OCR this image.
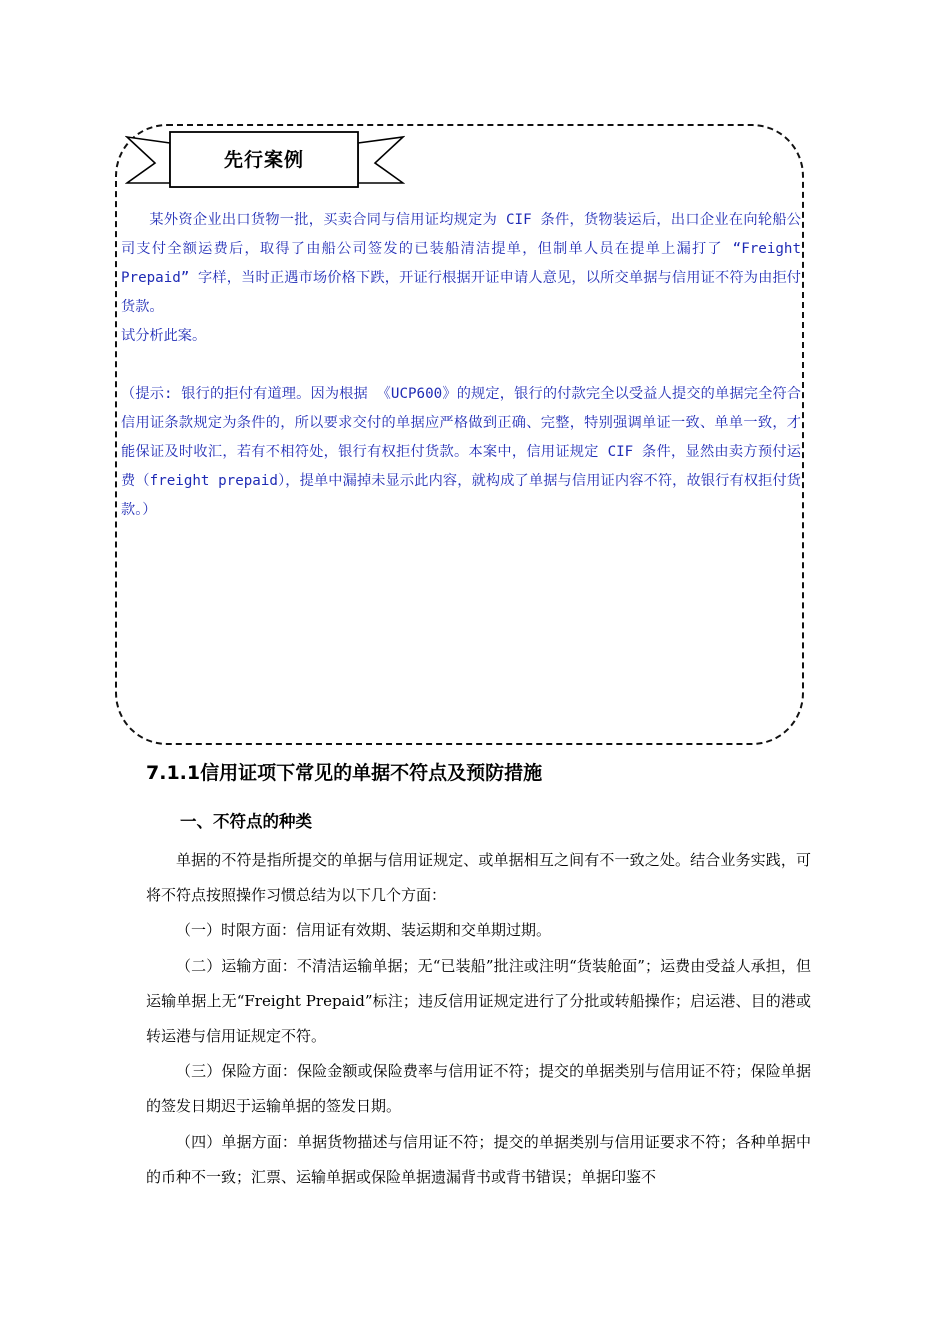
先行案例

某外资企业出口货物一批，买卖合同与信用证均规定为 CIF 条件，货物装运后，出口企业在向轮船公司支付全额运费后，取得了由船公司签发的已装船清洁提单，但制单人员在提单上漏打了 “Freight Prepaid” 字样，当时正遇市场价格下跌，开证行根据开证申请人意见，以所交单据与信用证不符为由拒付货款。

试分析此案。

（提示: 银行的拒付有道理。因为根据 《UCP600》的规定，银行的付款完全以受益人提交的单据完全符合信用证条款规定为条件的，所以要求交付的单据应严格做到正确、完整，特别强调单证一致、单单一致，才能保证及时收汇，若有不相符处，银行有权拒付货款。本案中，信用证规定 CIF 条件，显然由卖方预付运费（freight prepaid），提单中漏掉未显示此内容，就构成了单据与信用证内容不符，故银行有权拒付货款。）

7.1.1信用证项下常见的单据不符点及预防措施
一、不符点的种类

单据的不符是指所提交的单据与信用证规定、或单据相互之间有不一致之处。结合业务实践，可将不符点按照操作习惯总结为以下几个方面：

（一）时限方面：信用证有效期、装运期和交单期过期。

（二）运输方面：不清洁运输单据；无“已装船”批注或注明“货装舱面”；运费由受益人承担，但运输单据上无“Freight Prepaid”标注；违反信用证规定进行了分批或转船操作；启运港、目的港或转运港与信用证规定不符。

（三）保险方面：保险金额或保险费率与信用证不符；提交的单据类别与信用证不符；保险单据的签发日期迟于运输单据的签发日期。

（四）单据方面：单据货物描述与信用证不符；提交的单据类别与信用证要求不符；各种单据中的币种不一致；汇票、运输单据或保险单据遗漏背书或背书错误；单据印鉴不
